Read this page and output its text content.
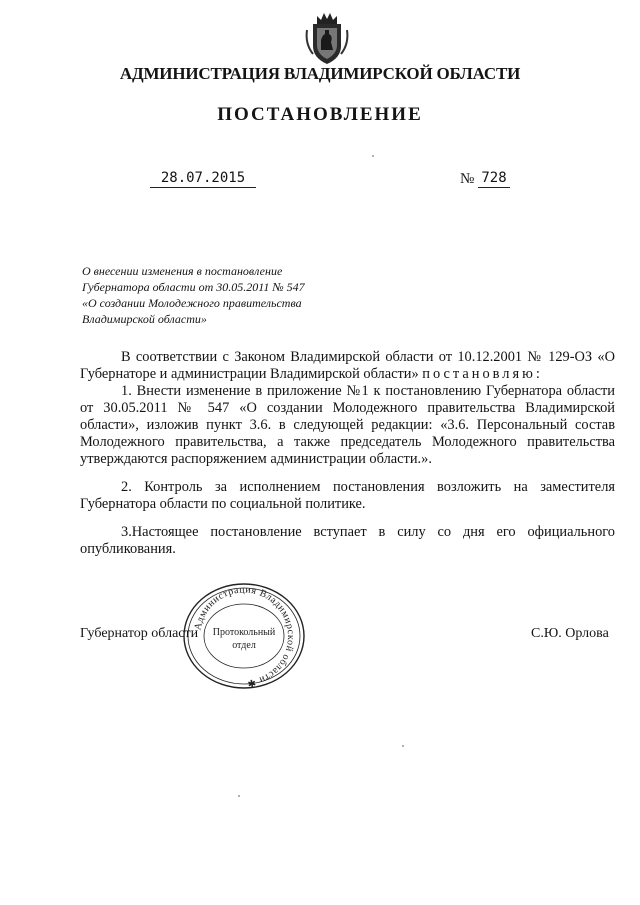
АДМИНИСТРАЦИЯ ВЛАДИМИРСКОЙ ОБЛАСТИ
ПОСТАНОВЛЕНИЕ
28.07.2015	№ 728
О внесении изменения в постановление
Губернатора области от 30.05.2011 № 547
«О создании Молодежного правительства
Владимирской области»

В соответствии с Законом Владимирской области от 10.12.2001 № 129-ОЗ «О Губернаторе и администрации Владимирской области» постановляю:

1. Внести изменение в приложение №1 к постановлению Губернатора области от 30.05.2011 № 547 «О создании Молодежного правительства Владимирской области», изложив пункт 3.6. в следующей редакции: «3.6. Персональный состав Молодежного правительства, а также председатель Молодежного правительства утверждаются распоряжением администрации области.».

2. Контроль за исполнением постановления возложить на заместителя Губернатора области по социальной политике.

3.Настоящее постановление вступает в силу со дня его официального опубликования.

Губернатор области	С.Ю. Орлова
Администрация Владимирской области ✱
Протокольный
отдел
